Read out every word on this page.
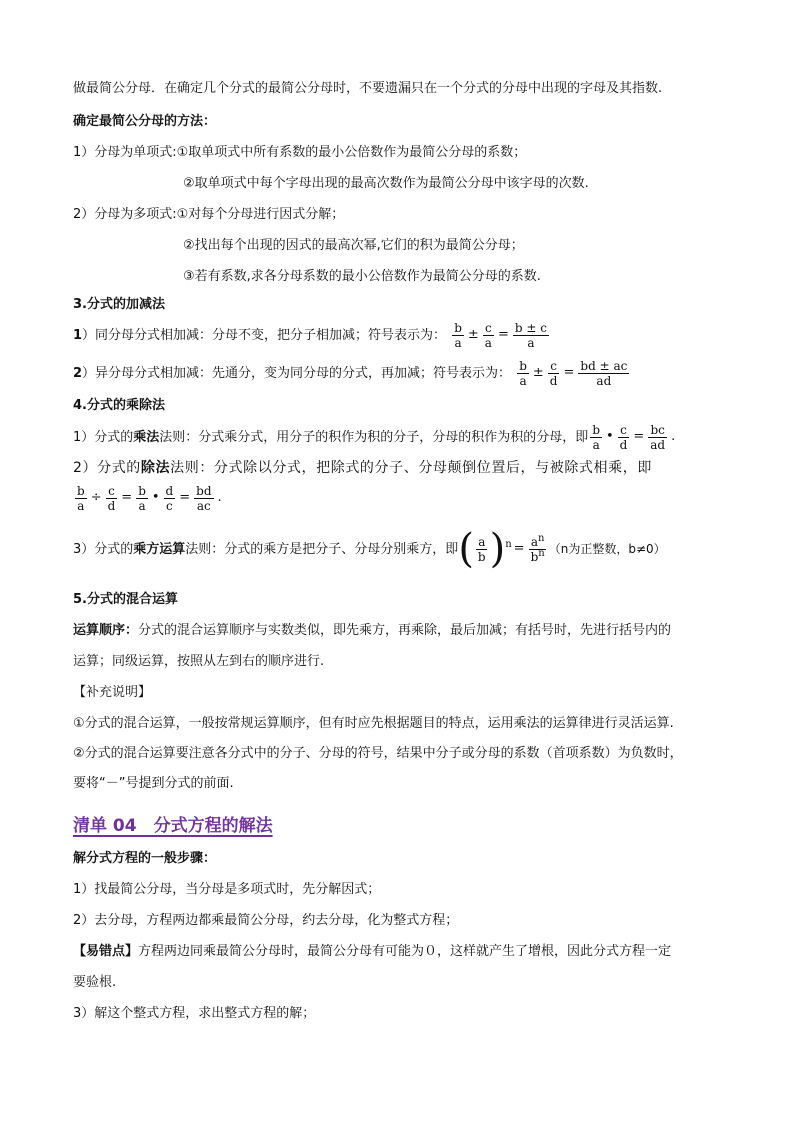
做最简公分母．在确定几个分式的最简公分母时，不要遗漏只在一个分式的分母中出现的字母及其指数.
确定最简公分母的方法：
1）分母为单项式:①取单项式中所有系数的最小公倍数作为最简公分母的系数；
②取单项式中每个字母出现的最高次数作为最简公分母中该字母的次数.
2）分母为多项式:①对每个分母进行因式分解；
②找出每个出现的因式的最高次幂,它们的积为最简公分母；
③若有系数,求各分母系数的最小公倍数作为最简公分母的系数.
3.分式的加减法
1）同分母分式相加减：分母不变，把分子相加减；符号表示为： $\frac{b}{a} \pm \frac{c}{a} = \frac{b \pm c}{a}$
2）异分母分式相加减：先通分，变为同分母的分式，再加减；符号表示为： $\frac{b}{a} \pm \frac{c}{d} = \frac{bd \pm ac}{ad}$
4.分式的乘除法
1）分式的乘法法则：分式乘分式，用分子的积作为积的分子，分母的积作为积的分母，即 $\frac{b}{a}$ • $\frac{c}{d} = \frac{bc}{ad}$ .
2）分式的除法法则：分式除以分式，把除式的分子、分母颠倒位置后，与被除式相乘，即
$\frac{b}{a} \div \frac{c}{d} = \frac{b}{a}$ • $\frac{d}{c} = \frac{bd}{ac}$ .
3）分式的乘方运算法则：分式的乘方是把分子、分母分别乘方，即( $\frac{a}{b} )^n = \frac{a^n}{b^n} (n$为正整数，b≠0）
5.分式的混合运算
运算顺序：分式的混合运算顺序与实数类似，即先乘方，再乘除，最后加减；有括号时，先进行括号内的
运算；同级运算，按照从左到右的顺序进行.
【补充说明】
①分式的混合运算，一般按常规运算顺序，但有时应先根据题目的特点，运用乘法的运算律进行灵活运算.
②分式的混合运算要注意各分式中的分子、分母的符号，结果中分子或分母的系数（首项系数）为负数时，
要将“－”号提到分式的前面.
清单 04　分式方程的解法
解分式方程的一般步骤：
1）找最简公分母，当分母是多项式时，先分解因式；
2）去分母，方程两边都乘最简公分母，约去分母，化为整式方程；
【易错点】方程两边同乘最简公分母时，最简公分母有可能为０，这样就产生了增根，因此分式方程一定
要验根.
3）解这个整式方程，求出整式方程的解；
